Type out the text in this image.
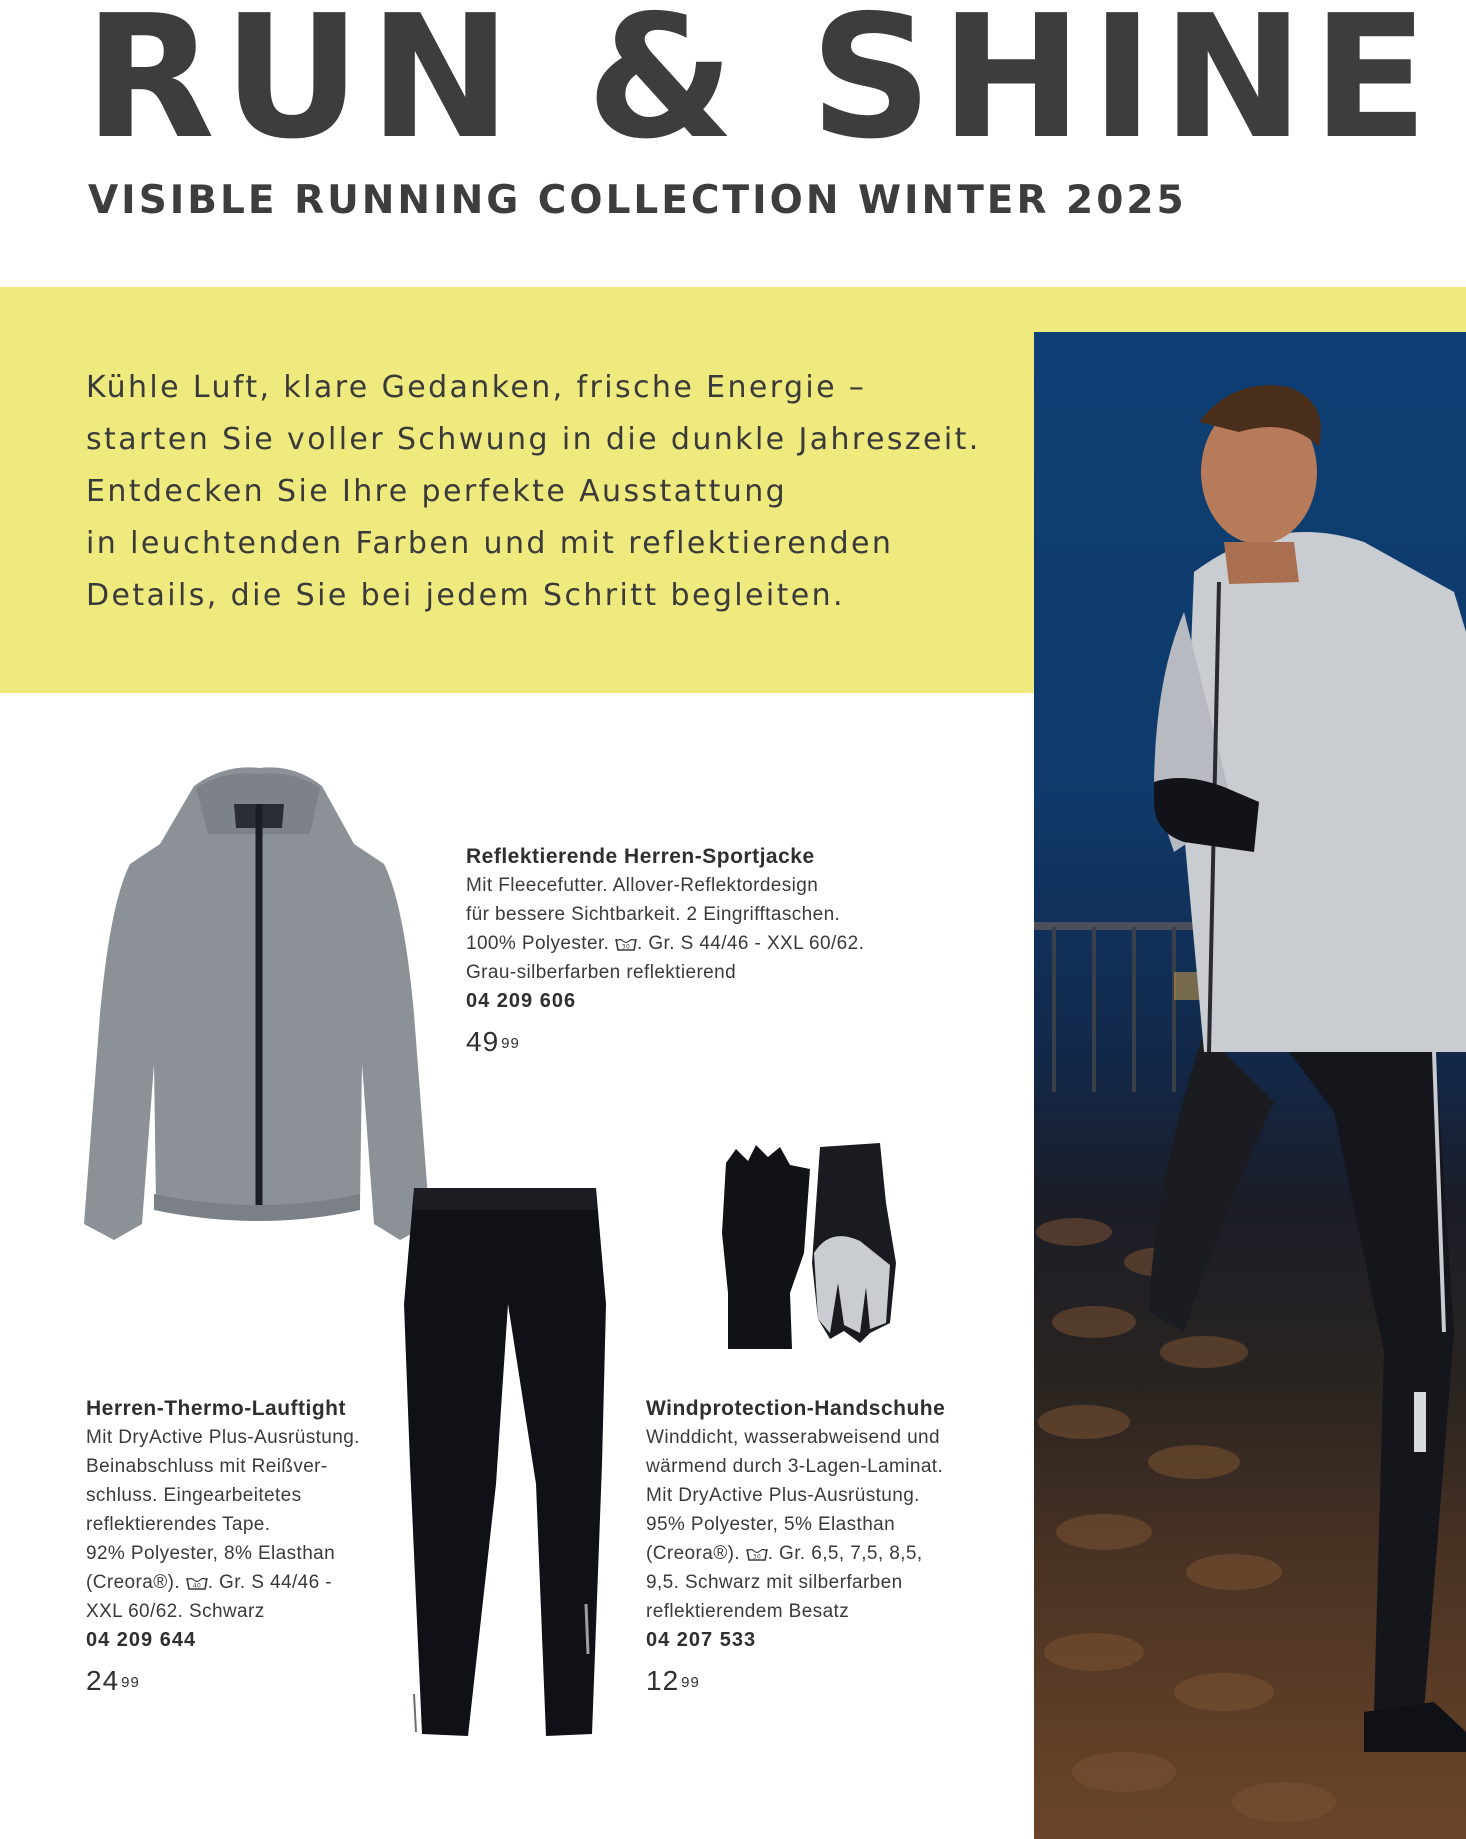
RUN & SHINE
VISIBLE RUNNING COLLECTION WINTER 2025
Kühle Luft, klare Gedanken, frische Energie –
starten Sie voller Schwung in die dunkle Jahreszeit.
Entdecken Sie Ihre perfekte Ausstattung
in leuchtenden Farben und mit reflektierenden
Details, die Sie bei jedem Schritt begleiten.
Reflektierende Herren-Sportjacke
Mit Fleecefutter. Allover-Reflektordesign
für bessere Sichtbarkeit. 2 Eingrifftaschen.
100% Polyester. 30 . Gr. S 44/46 - XXL 60/62.
Grau-silberfarben reflektierend
04 209 606
49 $^{99}$
Herren-Thermo-Lauftight
Mit DryActive Plus-Ausrüstung.
Beinabschluss mit Reißver-
schluss. Eingearbeitetes
reflektierendes Tape.
92% Polyester, 8% Elasthan
(Creora®). 40 . Gr. S 44/46 -
XXL 60/62. Schwarz
04 209 644
24 $^{99}$
Windprotection-Handschuhe
Winddicht, wasserabweisend und
wärmend durch 3-Lagen-Laminat.
Mit DryActive Plus-Ausrüstung.
95% Polyester, 5% Elasthan
(Creora®). 30 . Gr. 6,5, 7,5, 8,5,
9,5. Schwarz mit silberfarben
reflektierendem Besatz
04 207 533
12 $^{99}$
